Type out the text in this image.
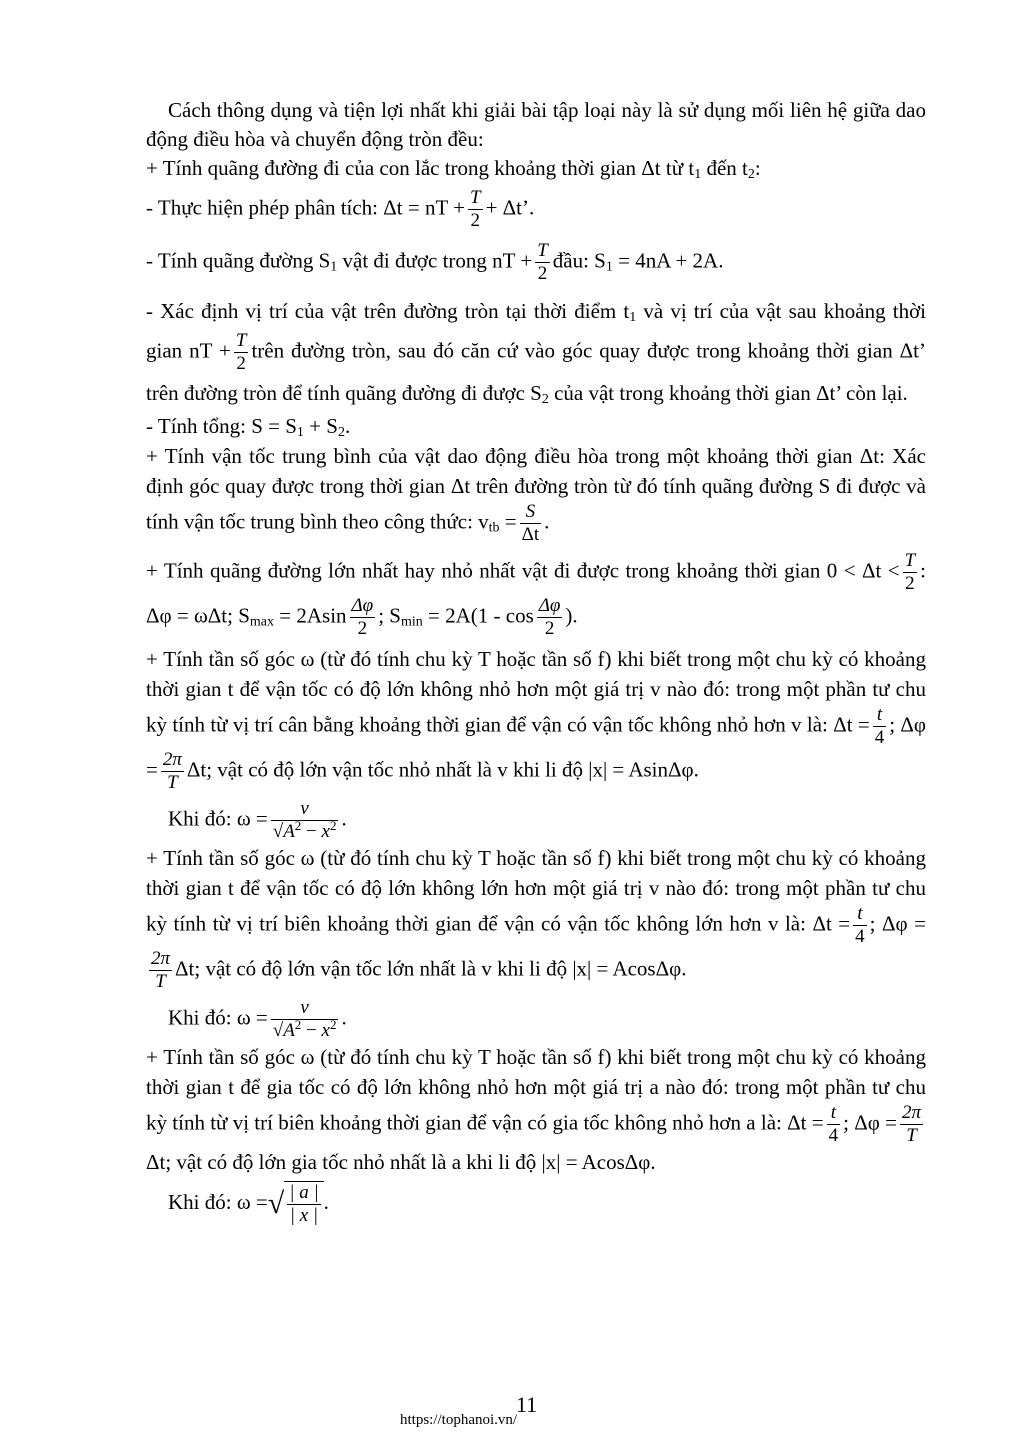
Cách thông dụng và tiện lợi nhất khi giải bài tập loại này là sử dụng mối liên hệ giữa dao động điều hòa và chuyển động tròn đều:

+ Tính quãng đường đi của con lắc trong khoảng thời gian Δt từ $t_1$ đến $t_2$:

- Thực hiện phép phân tích: Δt = nT + $\frac{T}{2} + \Delta t$’.

- Tính quãng đường $S_1$ vật đi được trong nT + $\frac{T}{2}$ đầu: $S_1 = 4nA + 2A$.

- Xác định vị trí của vật trên đường tròn tại thời điểm $t_1$ và vị trí của vật sau khoảng thời gian nT + $\frac{T}{2}$ trên đường tròn, sau đó căn cứ vào góc quay được trong khoảng thời gian Δt’ trên đường tròn để tính quãng đường đi được $S_2$ của vật trong khoảng thời gian Δt’ còn lại.

- Tính tổng: $S = S_1 + S_2$.

+ Tính vận tốc trung bình của vật dao động điều hòa trong một khoảng thời gian Δt: Xác định góc quay được trong thời gian Δt trên đường tròn từ đó tính quãng đường S đi được và tính vận tốc trung bình theo công thức: $v_{tb} = \frac{S}{\Delta t}$ .

+ Tính quãng đường lớn nhất hay nhỏ nhất vật đi được trong khoảng thời gian $0 < \Delta t < \frac{T}{2}$ : Δφ = ωΔt; $S_{max} = 2Asin \frac{\Delta\varphi}{2}$ ; $S_{min} = 2A(1 - \cos \frac{\Delta\varphi}{2}$ ).

+ Tính tần số góc ω (từ đó tính chu kỳ T hoặc tần số f) khi biết trong một chu kỳ có khoảng thời gian t để vận tốc có độ lớn không nhỏ hơn một giá trị v nào đó: trong một phần tư chu kỳ tính từ vị trí cân bằng khoảng thời gian để vận có vận tốc không nhỏ hơn v là: $\Delta t = \frac{t}{4}$ ; $\Delta\varphi = \frac{2\pi}{T} \Delta t$; vật có độ lớn vận tốc nhỏ nhất là v khi li độ |x| = AsinΔφ.

Khi đó: $\omega = \frac{v}{√A^2 - x^2}$ .

+ Tính tần số góc ω (từ đó tính chu kỳ T hoặc tần số f) khi biết trong một chu kỳ có khoảng thời gian t để vận tốc có độ lớn không lớn hơn một giá trị v nào đó: trong một phần tư chu kỳ tính từ vị trí biên khoảng thời gian để vận có vận tốc không lớn hơn v là: $\Delta t = \frac{t}{4}$ ; Δφ =
$\frac{2\pi}{T} \Delta t$; vật có độ lớn vận tốc lớn nhất là v khi li độ |x| = AcosΔφ.

Khi đó: $\omega = \frac{v}{√A^2 - x^2}$ .

+ Tính tần số góc ω (từ đó tính chu kỳ T hoặc tần số f) khi biết trong một chu kỳ có khoảng thời gian t để gia tốc có độ lớn không nhỏ hơn một giá trị a nào đó: trong một phần tư chu kỳ tính từ vị trí biên khoảng thời gian để vận có gia tốc không nhỏ hơn a là: $\Delta t = \frac{t}{4}$ ; $\Delta\varphi = \frac{2\pi}{T}$
Δt; vật có độ lớn gia tốc nhỏ nhất là a khi li độ |x| = AcosΔφ.

Khi đó: ω =√ $\frac{| a |}{| x |}$ .

11
https://tophanoi.vn/
